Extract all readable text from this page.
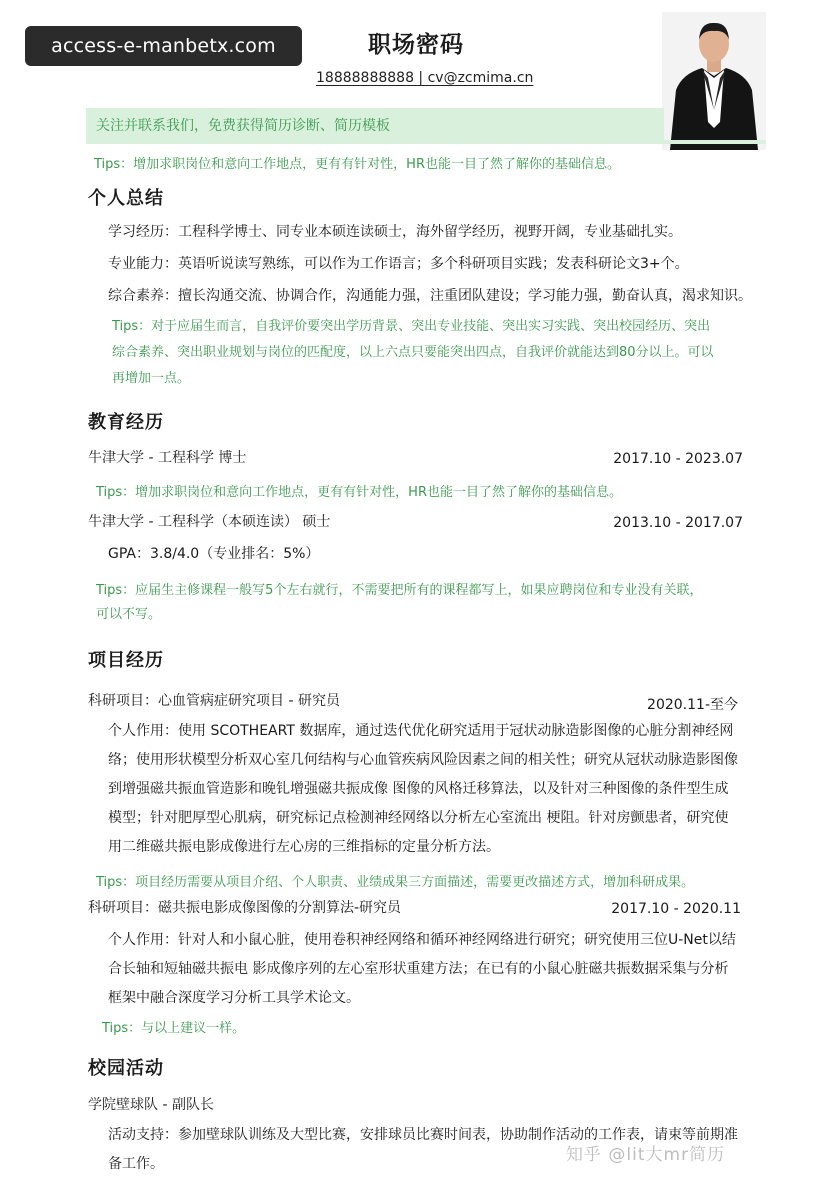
access-e-manbetx.com	职场密码
18888888888 | cv@zcmima.cn
关注并联系我们，免费获得简历诊断、简历模板
Tips：增加求职岗位和意向工作地点，更有有针对性，HR也能一目了然了解你的基础信息。
个人总结
学习经历：工程科学博士、同专业本硕连读硕士，海外留学经历，视野开阔，专业基础扎实。
专业能力：英语听说读写熟练，可以作为工作语言；多个科研项目实践；发表科研论文3+个。
综合素养：擅长沟通交流、协调合作，沟通能力强，注重团队建设；学习能力强，勤奋认真，渴求知识。
Tips：对于应届生而言，自我评价要突出学历背景、突出专业技能、突出实习实践、突出校园经历、突出
综合素养、突出职业规划与岗位的匹配度，以上六点只要能突出四点，自我评价就能达到80分以上。可以
再增加一点。
教育经历
牛津大学 - 工程科学 博士	2017.10 - 2023.07
Tips：增加求职岗位和意向工作地点，更有有针对性，HR也能一目了然了解你的基础信息。
牛津大学 - 工程科学（本硕连读） 硕士	2013.10 - 2017.07
GPA：3.8/4.0（专业排名：5%）
Tips：应届生主修课程一般写5个左右就行，不需要把所有的课程都写上，如果应聘岗位和专业没有关联，
可以不写。
项目经历
科研项目：心血管病症研究项目 - 研究员	2020.11-至今
个人作用：使用 SCOTHEART 数据库，通过迭代优化研究适用于冠状动脉造影图像的心脏分割神经网
络；使用形状模型分析双心室几何结构与心血管疾病风险因素之间的相关性；研究从冠状动脉造影图像
到增强磁共振血管造影和晚钆增强磁共振成像 图像的风格迁移算法，以及针对三种图像的条件型生成
模型；针对肥厚型心肌病，研究标记点检测神经网络以分析左心室流出 梗阻。针对房颤患者，研究使
用二维磁共振电影成像进行左心房的三维指标的定量分析方法。
Tips：项目经历需要从项目介绍、个人职责、业绩成果三方面描述，需要更改描述方式，增加科研成果。
科研项目：磁共振电影成像图像的分割算法-研究员	2017.10 - 2020.11
个人作用：针对人和小鼠心脏，使用卷积神经网络和循环神经网络进行研究；研究使用三位U-Net以结
合长轴和短轴磁共振电 影成像序列的左心室形状重建方法；在已有的小鼠心脏磁共振数据采集与分析
框架中融合深度学习分析工具学术论文。
Tips：与以上建议一样。
校园活动
学院壁球队 - 副队长
活动支持：参加壁球队训练及大型比赛，安排球员比赛时间表，协助制作活动的工作表，请束等前期准
备工作。	知乎 @lit大mr简历
